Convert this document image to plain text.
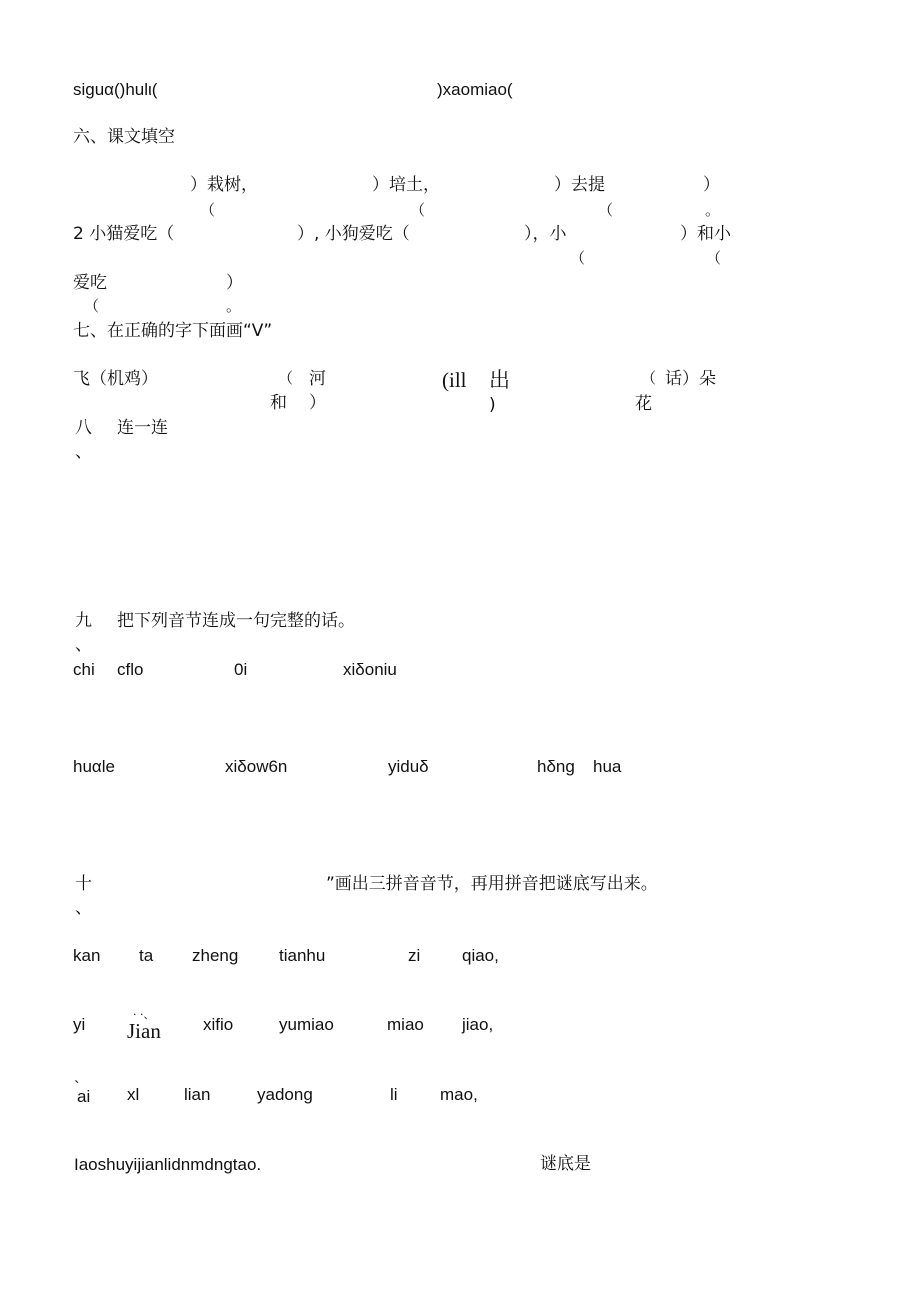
siguα()hulι(	)xaomiao(
六、课文填空
）栽树，	）培土，	）去提	）
（	（	（	。
2 小猫爱吃（	）, 小狗爱吃（	），小	）和小
（	（
爱吃	）
（	。
七、在正确的字下面画“V”
飞（机鸡）	（ 河
和 ）
(ill 出
)
（ 话）朵
花
八
、
连一连
九
、
把下列音节连成一句完整的话。
chi cflo	0i	xiδoniu
huαle	xiδow6n	yiduδ	hδng hua
十
、
”画出三拼音音节，再用拼音把谜底写出来。
kan ta zheng tianhu	zi qiao,
yi
· ·、
Jian xifio	yumiao	miao jiao,
`
ai xl	lian	yadong	li mao,
Iaoshuyijianlidnmdngtao.	谜底是
